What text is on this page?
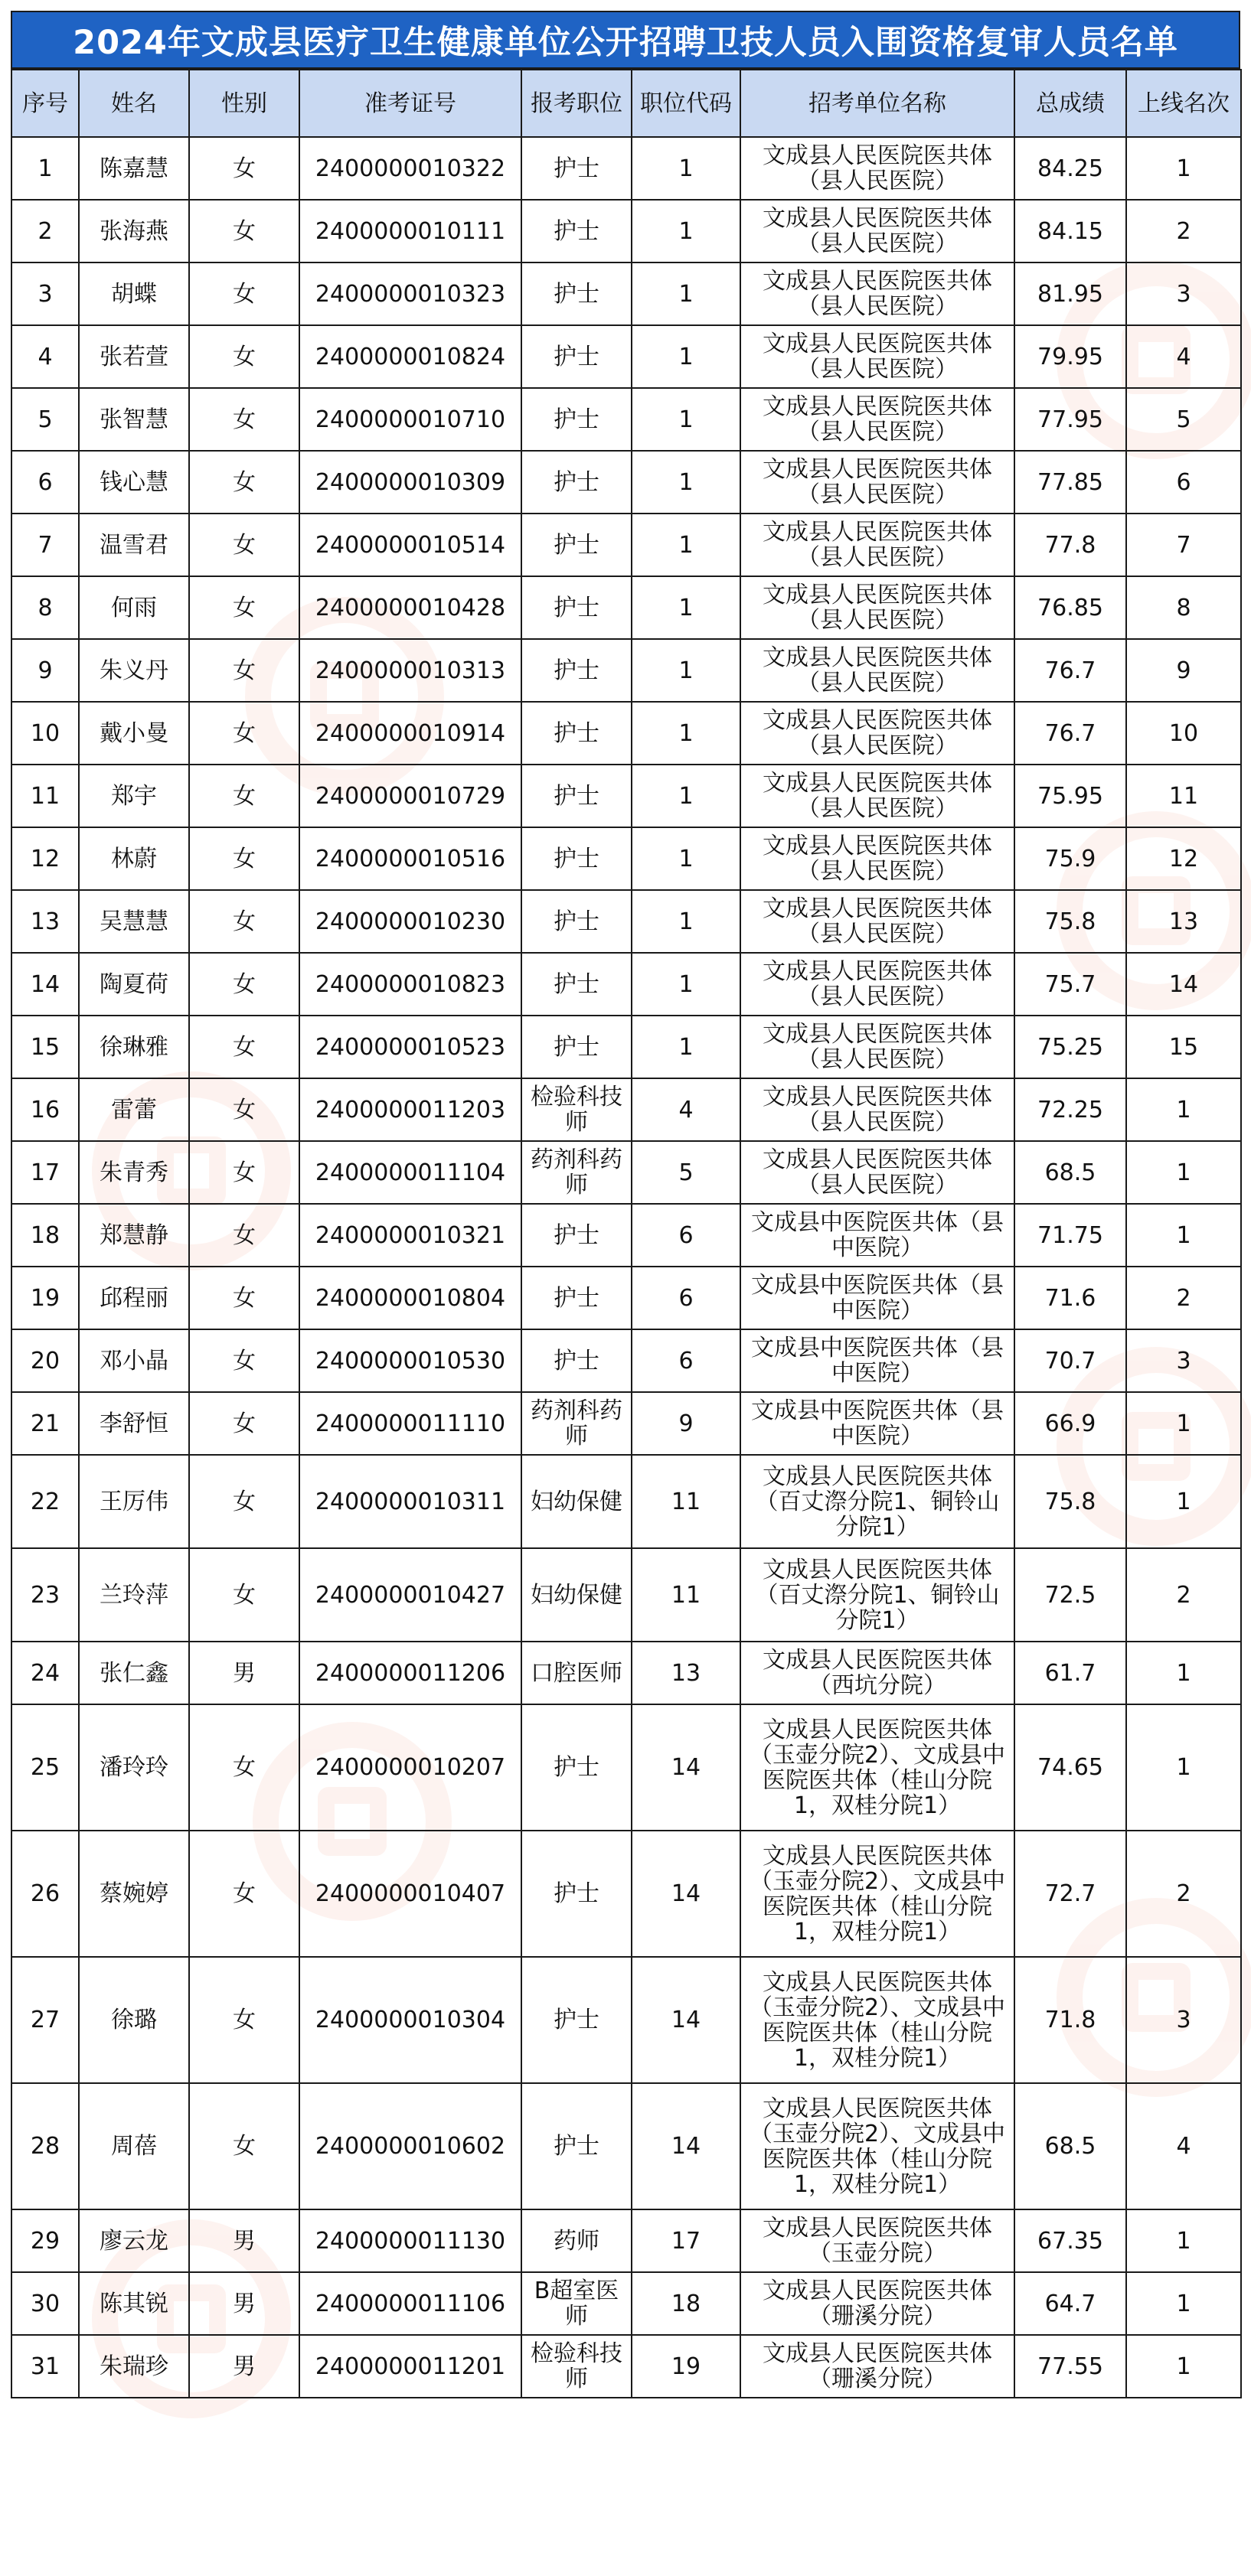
2024年文成县医疗卫生健康单位公开招聘卫技人员入围资格复审人员名单
序号	姓名	性别	准考证号	报考职位	职位代码	招考单位名称	总成绩	上线名次
1	陈嘉慧	女	2400000010322	护士	1	文成县人民医院医共体（县人民医院）	84.25	1
2	张海燕	女	2400000010111	护士	1	文成县人民医院医共体（县人民医院）	84.15	2
3	胡蝶	女	2400000010323	护士	1	文成县人民医院医共体（县人民医院）	81.95	3
4	张若萱	女	2400000010824	护士	1	文成县人民医院医共体（县人民医院）	79.95	4
5	张智慧	女	2400000010710	护士	1	文成县人民医院医共体（县人民医院）	77.95	5
6	钱心慧	女	2400000010309	护士	1	文成县人民医院医共体（县人民医院）	77.85	6
7	温雪君	女	2400000010514	护士	1	文成县人民医院医共体（县人民医院）	77.8	7
8	何雨	女	2400000010428	护士	1	文成县人民医院医共体（县人民医院）	76.85	8
9	朱义丹	女	2400000010313	护士	1	文成县人民医院医共体（县人民医院）	76.7	9
10	戴小曼	女	2400000010914	护士	1	文成县人民医院医共体（县人民医院）	76.7	10
11	郑宇	女	2400000010729	护士	1	文成县人民医院医共体（县人民医院）	75.95	11
12	林蔚	女	2400000010516	护士	1	文成县人民医院医共体（县人民医院）	75.9	12
13	吴慧慧	女	2400000010230	护士	1	文成县人民医院医共体（县人民医院）	75.8	13
14	陶夏荷	女	2400000010823	护士	1	文成县人民医院医共体（县人民医院）	75.7	14
15	徐琳雅	女	2400000010523	护士	1	文成县人民医院医共体（县人民医院）	75.25	15
16	雷蕾	女	2400000011203	检验科技师	4	文成县人民医院医共体（县人民医院）	72.25	1
17	朱青秀	女	2400000011104	药剂科药师	5	文成县人民医院医共体（县人民医院）	68.5	1
18	郑慧静	女	2400000010321	护士	6	文成县中医院医共体（县中医院）	71.75	1
19	邱程丽	女	2400000010804	护士	6	文成县中医院医共体（县中医院）	71.6	2
20	邓小晶	女	2400000010530	护士	6	文成县中医院医共体（县中医院）	70.7	3
21	李舒恒	女	2400000011110	药剂科药师	9	文成县中医院医共体（县中医院）	66.9	1
22	王厉伟	女	2400000010311	妇幼保健	11	文成县人民医院医共体（百丈漈分院1、铜铃山分院1）	75.8	1
23	兰玲萍	女	2400000010427	妇幼保健	11	文成县人民医院医共体（百丈漈分院1、铜铃山分院1）	72.5	2
24	张仁鑫	男	2400000011206	口腔医师	13	文成县人民医院医共体（西坑分院）	61.7	1
25	潘玲玲	女	2400000010207	护士	14	文成县人民医院医共体（玉壶分院2）、文成县中医院医共体（桂山分院1，双桂分院1）	74.65	1
26	蔡婉婷	女	2400000010407	护士	14	文成县人民医院医共体（玉壶分院2）、文成县中医院医共体（桂山分院1，双桂分院1）	72.7	2
27	徐璐	女	2400000010304	护士	14	文成县人民医院医共体（玉壶分院2）、文成县中医院医共体（桂山分院1，双桂分院1）	71.8	3
28	周蓓	女	2400000010602	护士	14	文成县人民医院医共体（玉壶分院2）、文成县中医院医共体（桂山分院1，双桂分院1）	68.5	4
29	廖云龙	男	2400000011130	药师	17	文成县人民医院医共体（玉壶分院）	67.35	1
30	陈其锐	男	2400000011106	B超室医师	18	文成县人民医院医共体（珊溪分院）	64.7	1
31	朱瑞珍	男	2400000011201	检验科技师	19	文成县人民医院医共体（珊溪分院）	77.55	1
